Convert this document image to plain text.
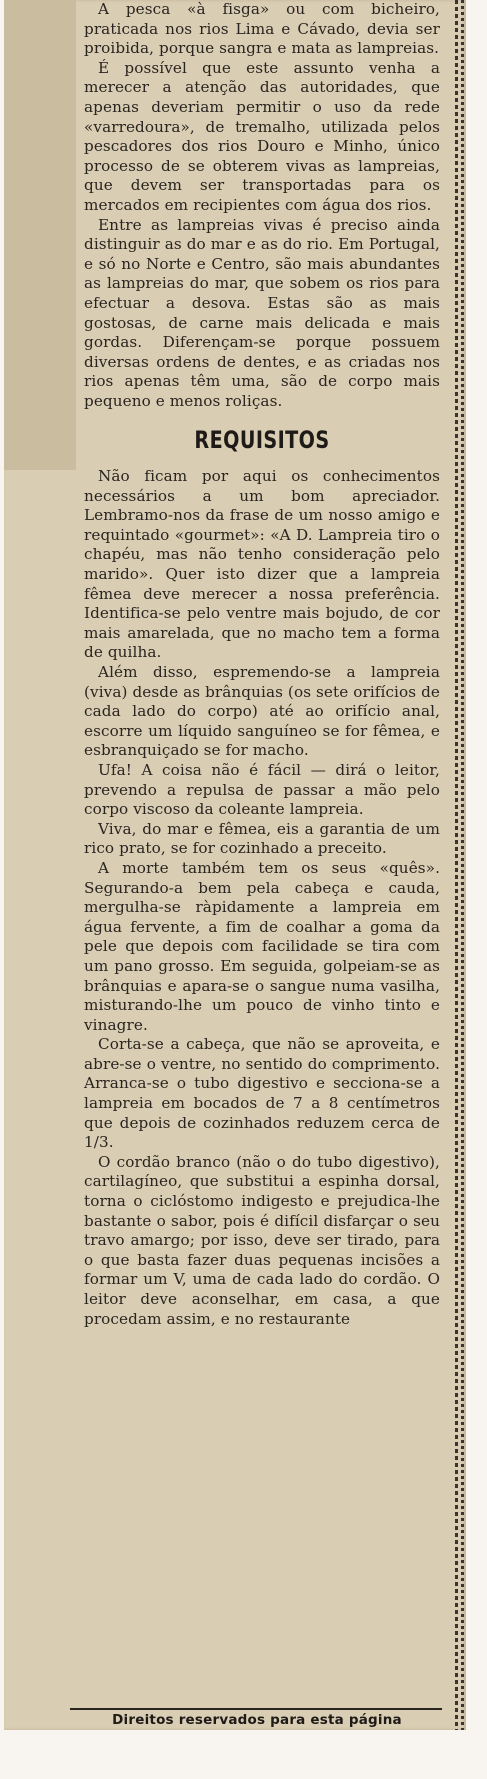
A pesca «à fisga» ou com bicheiro, praticada nos rios Lima e Cávado, devia ser proibida, porque sangra e mata as lampreias.

É possível que este assunto venha a merecer a atenção das autoridades, que apenas deveriam permitir o uso da rede «varredoura», de tremalho, utilizada pelos pescadores dos rios Douro e Minho, único processo de se obterem vivas as lampreias, que devem ser transportadas para os mercados em recipientes com água dos rios.

Entre as lampreias vivas é preciso ainda distinguir as do mar e as do rio. Em Portugal, e só no Norte e Centro, são mais abundantes as lampreias do mar, que sobem os rios para efectuar a desova. Estas são as mais gostosas, de carne mais delicada e mais gordas. Diferençam-se porque possuem diversas ordens de dentes, e as criadas nos rios apenas têm uma, são de corpo mais pequeno e menos roliças.

REQUISITOS

Não ficam por aqui os conhecimentos necessários a um bom apreciador. Lembramo-nos da frase de um nosso amigo e requintado «gourmet»: «A D. Lampreia tiro o chapéu, mas não tenho consideração pelo marido». Quer isto dizer que a lampreia fêmea deve merecer a nossa preferência. Identifica-se pelo ventre mais bojudo, de cor mais amarelada, que no macho tem a forma de quilha.

Além disso, espremendo-se a lampreia (viva) desde as brânquias (os sete orifícios de cada lado do corpo) até ao orifício anal, escorre um líquido sanguíneo se for fêmea, e esbranquiçado se for macho.

Ufa! A coisa não é fácil — dirá o leitor, prevendo a repulsa de passar a mão pelo corpo viscoso da coleante lampreia.

Viva, do mar e fêmea, eis a garantia de um rico prato, se for cozinhado a preceito.

A morte também tem os seus «quês». Segurando-a bem pela cabeça e cauda, mergulha-se ràpidamente a lampreia em água fervente, a fim de coalhar a goma da pele que depois com facilidade se tira com um pano grosso. Em seguida, golpeiam-se as brânquias e apara-se o sangue numa vasilha, misturando-lhe um pouco de vinho tinto e vinagre.

Corta-se a cabeça, que não se aproveita, e abre-se o ventre, no sentido do comprimento. Arranca-se o tubo digestivo e secciona-se a lampreia em bocados de 7 a 8 centímetros que depois de cozinhados reduzem cerca de 1/3.

O cordão branco (não o do tubo digestivo), cartilagíneo, que substitui a espinha dorsal, torna o ciclóstomo indigesto e prejudica-lhe bastante o sabor, pois é difícil disfarçar o seu travo amargo; por isso, deve ser tirado, para o que basta fazer duas pequenas incisões a formar um V, uma de cada lado do cordão. O leitor deve aconselhar, em casa, a que procedam assim, e no restaurante

Direitos reservados para esta página
